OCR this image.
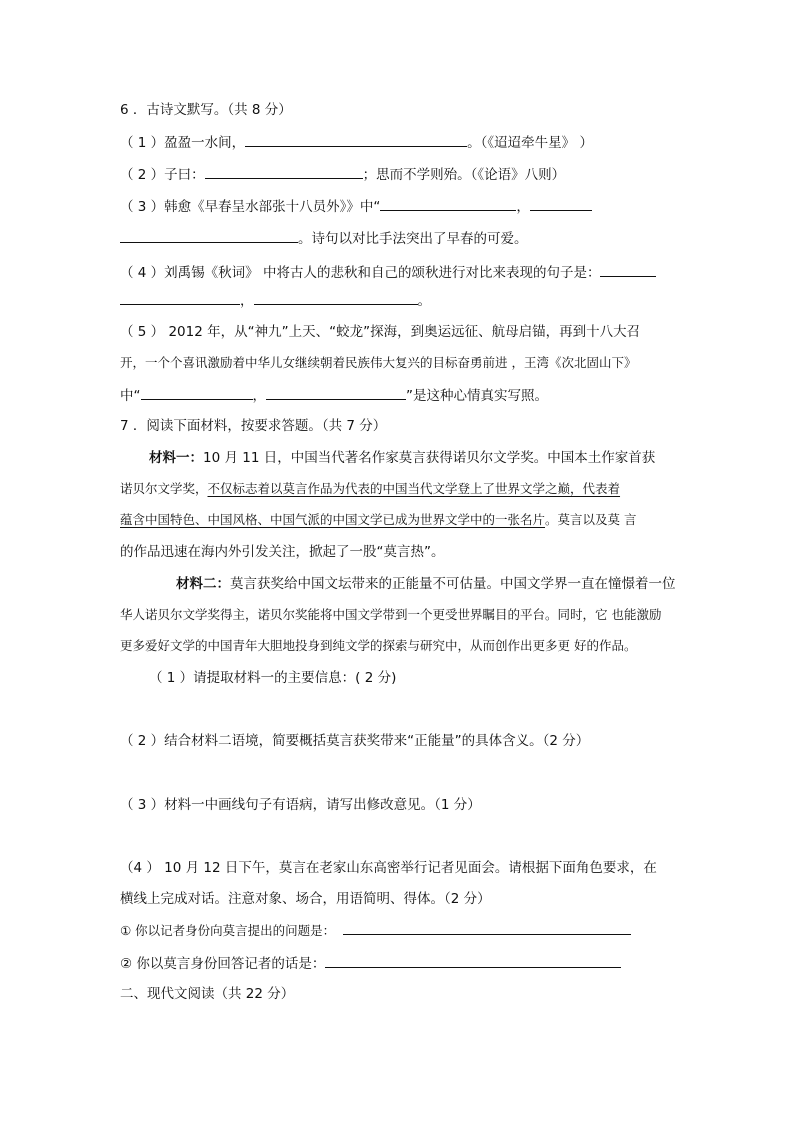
6 ．古诗文默写。（共 8 分）
（ 1 ）盈盈一水间，	。（《迢迢牵牛星》 ）
（ 2 ）子曰：	；思而不学则殆。（《论语》八则）
（ 3 ）韩愈《早春呈水部张十八员外》》中“	，
。诗句以对比手法突出了早春的可爱。
（ 4 ）刘禹锡《秋词》 中将古人的悲秋和自己的颂秋进行对比来表现的句子是：
，	。
（ 5 ） 2012 年，从“神九”上天、“蛟龙”探海，到奥运远征、航母启锚，再到十八大召
开，一个个喜讯激励着中华儿女继续朝着民族伟大复兴的目标奋勇前进 ，王湾《次北固山下》
中“	，	”是这种心情真实写照。
7 ．阅读下面材料，按要求答题。（共 7 分）
材料一：10 月 11 日，中国当代著名作家莫言获得诺贝尔文学奖。中国本土作家首获
诺贝尔文学奖，不仅标志着以莫言作品为代表的中国当代文学登上了世界文学之巅，代表着
蕴含中国特色、中国风格、中国气派的中国文学已成为世界文学中的一张名片。莫言以及莫 言
的作品迅速在海内外引发关注，掀起了一股“莫言热”。
材料二：莫言获奖给中国文坛带来的正能量不可估量。中国文学界一直在憧憬着一位
华人诺贝尔文学奖得主，诺贝尔奖能将中国文学带到一个更受世界瞩目的平台。同时，它 也能激励
更多爱好文学的中国青年大胆地投身到纯文学的探索与研究中，从而创作出更多更 好的作品。
（ 1 ）请提取材料一的主要信息：( 2 分)
（ 2 ）结合材料二语境，简要概括莫言获奖带来“正能量”的具体含义。（2 分）
（ 3 ）材料一中画线句子有语病，请写出修改意见。（1 分）
（4 ） 10 月 12 日下午，莫言在老家山东高密举行记者见面会。请根据下面角色要求，在
横线上完成对话。注意对象、场合，用语简明、得体。（2 分）
① 你以记者身份向莫言提出的问题是：
② 你以莫言身份回答记者的话是：
二、现代文阅读（共 22 分）
